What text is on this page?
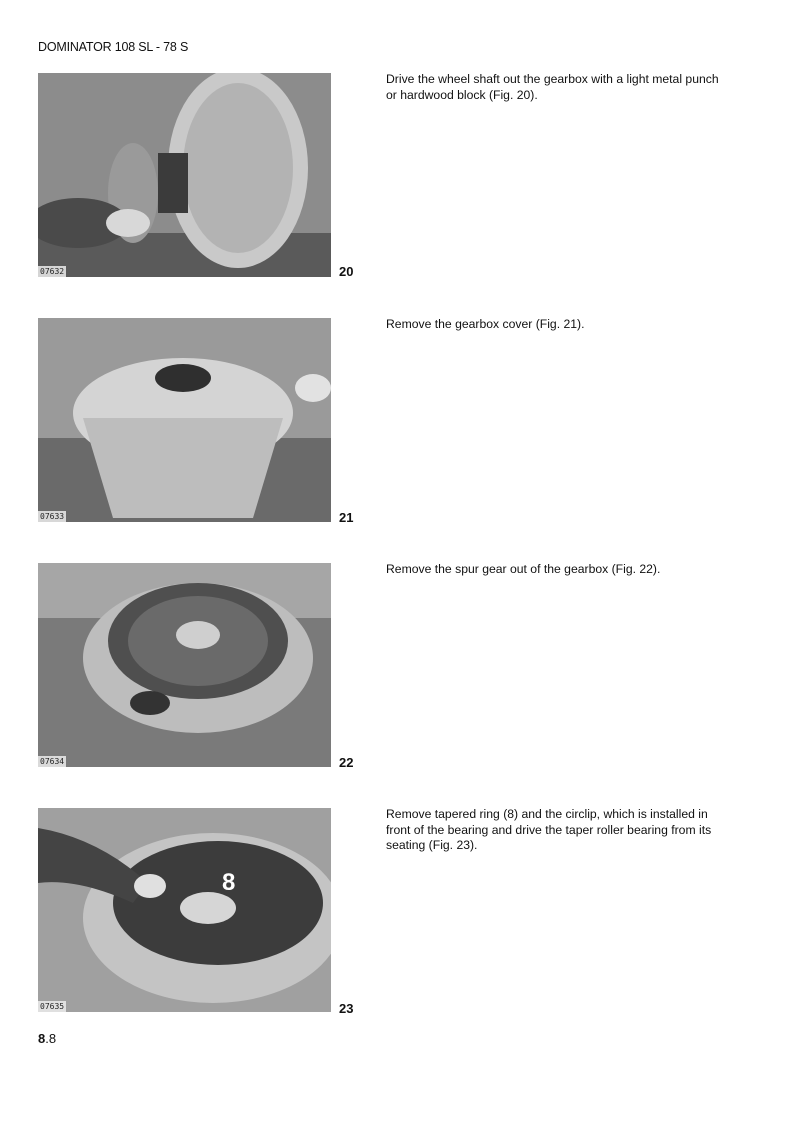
DOMINATOR 108 SL - 78 S
07632	20
Drive the wheel shaft out the gearbox with a light metal punch or hardwood block (Fig. 20).
07633	21
Remove the gearbox cover (Fig. 21).
07634	22
Remove the spur gear out of the gearbox (Fig. 22).
8
07635	23
Remove tapered ring (8) and the circlip, which is installed in front of the bearing and drive the taper roller bearing from its seating (Fig. 23).
8.8
